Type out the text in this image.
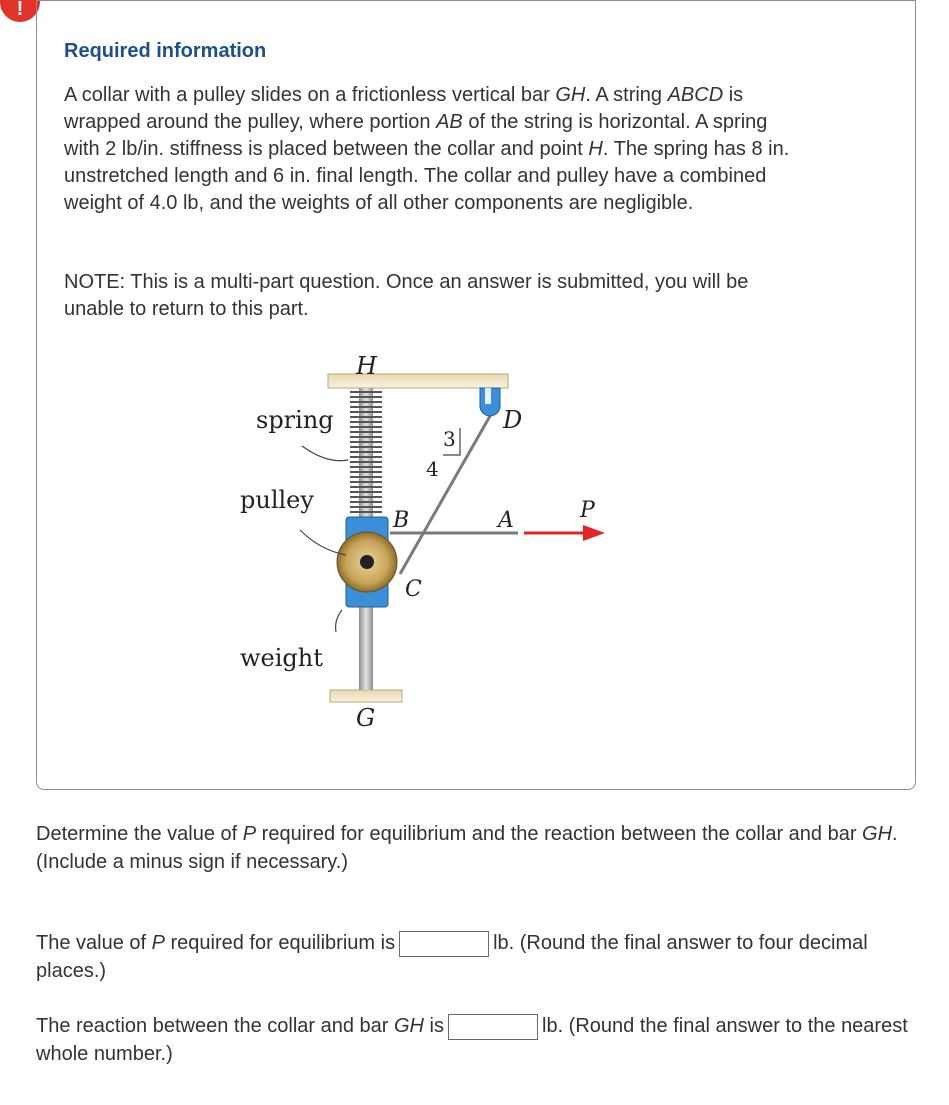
!
Required information
A collar with a pulley slides on a frictionless vertical bar GH. A string ABCD is wrapped around the pulley, where portion AB of the string is horizontal. A spring with 2 lb/in. stiffness is placed between the collar and point H. The spring has 8 in. unstretched length and 6 in. final length. The collar and pulley have a combined weight of 4.0 lb, and the weights of all other components are negligible.
NOTE: This is a multi-part question. Once an answer is submitted, you will be unable to return to this part.
H
D
3
4
B	A	P
C
G
spring
pulley
weight
Determine the value of P required for equilibrium and the reaction between the collar and bar GH. (Include a minus sign if necessary.)
The value of P required for equilibrium is	lb. (Round the final answer to four decimal places.)
The reaction between the collar and bar GH is	lb. (Round the final answer to the nearest whole number.)
